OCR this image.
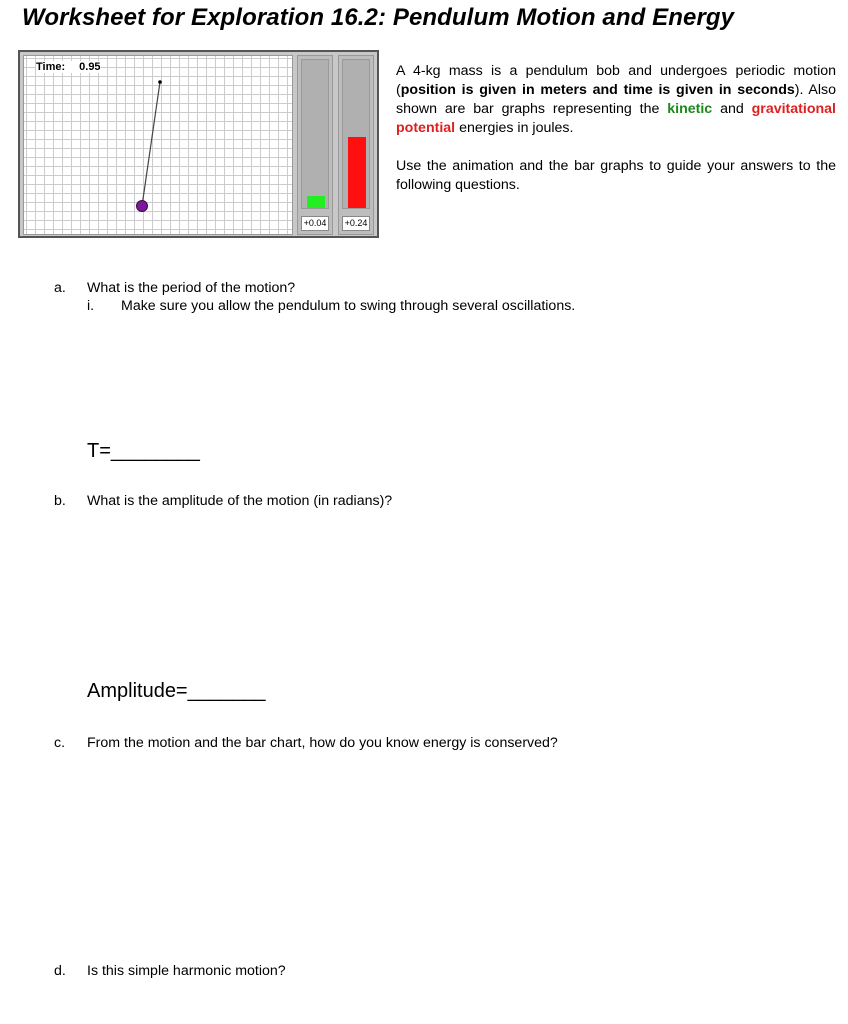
Worksheet for Exploration 16.2: Pendulum Motion and Energy
Time: 0.95
+0.04 +0.24

A 4-kg mass is a pendulum bob and undergoes periodic motion (position is given in meters and time is given in seconds). Also shown are bar graphs representing the kinetic and gravitational potential energies in joules.

Use the animation and the bar graphs to guide your answers to the following questions.

a. What is the period of the motion?
i. Make sure you allow the pendulum to swing through several oscillations.
T=________
b. What is the amplitude of the motion (in radians)?
Amplitude=_______
c. From the motion and the bar chart, how do you know energy is conserved?
d. Is this simple harmonic motion?
